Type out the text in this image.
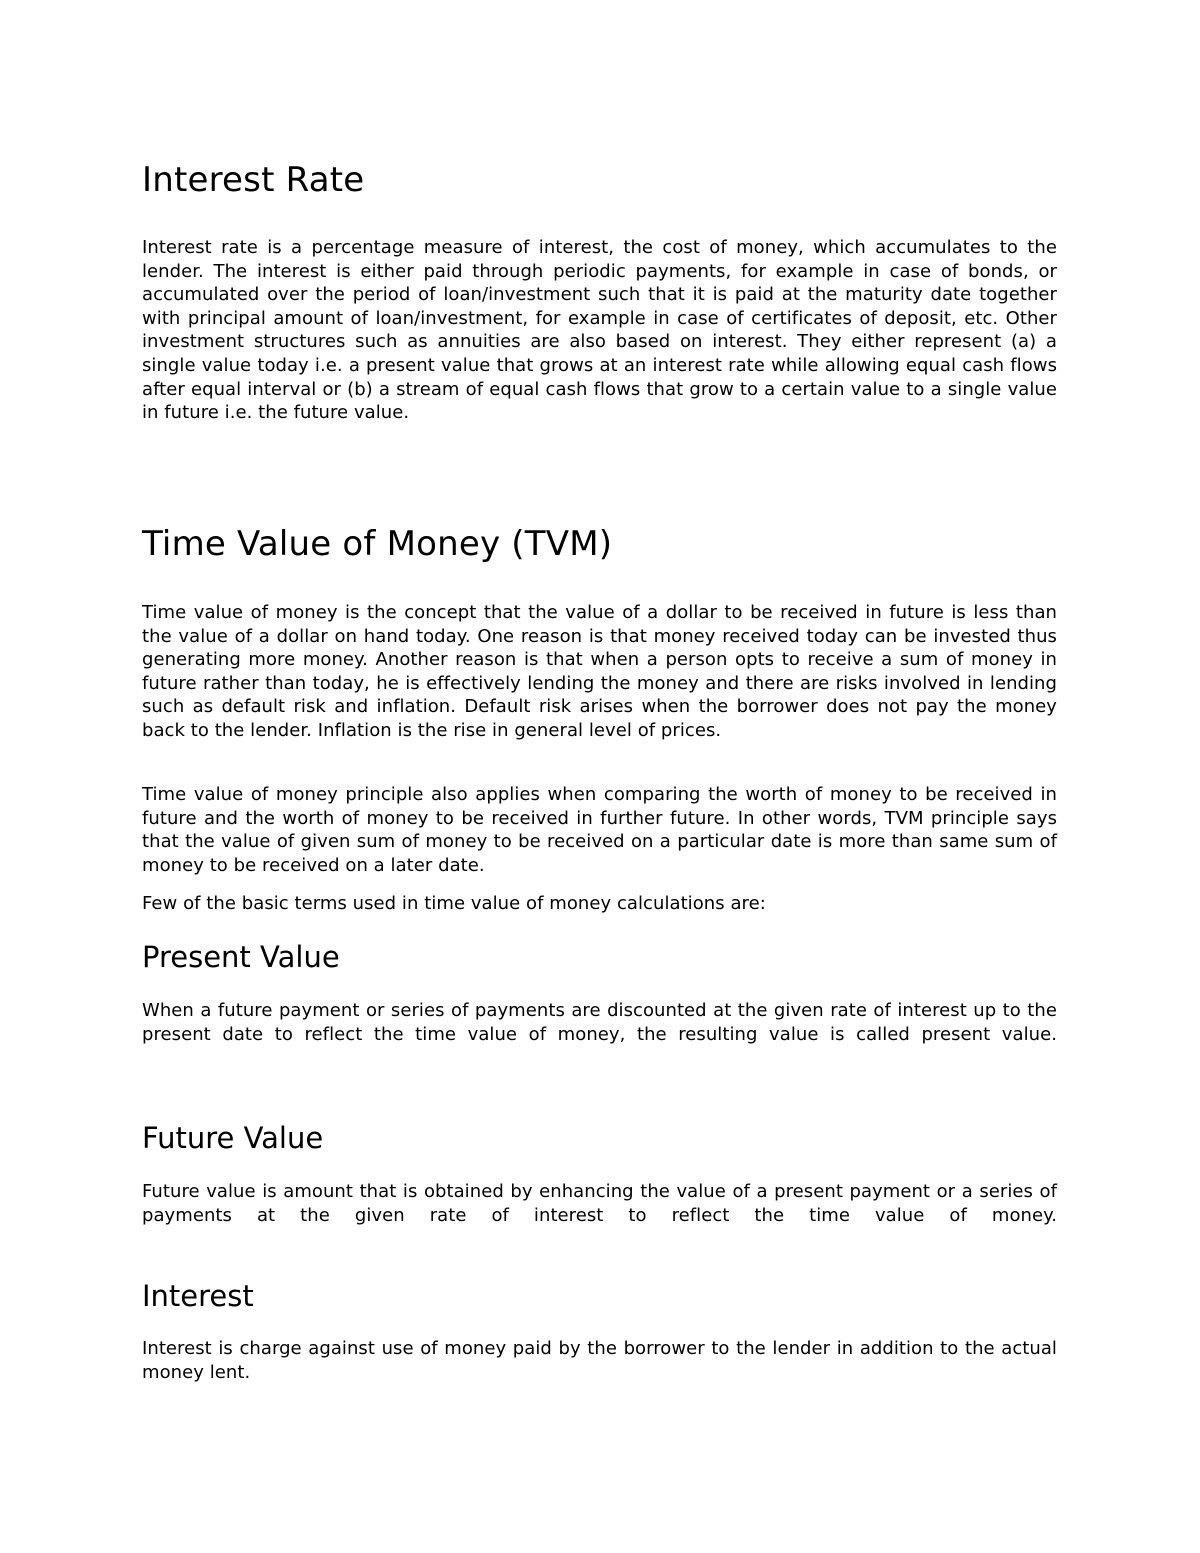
Interest Rate

Interest rate is a percentage measure of interest, the cost of money, which accumulates to the lender. The interest is either paid through periodic payments, for example in case of bonds, or accumulated over the period of loan/investment such that it is paid at the maturity date together with principal amount of loan/investment, for example in case of certificates of deposit, etc. Other investment structures such as annuities are also based on interest. They either represent (a) a single value today i.e. a present value that grows at an interest rate while allowing equal cash flows after equal interval or (b) a stream of equal cash flows that grow to a certain value to a single value in future i.e. the future value.

Time Value of Money (TVM)

Time value of money is the concept that the value of a dollar to be received in future is less than the value of a dollar on hand today. One reason is that money received today can be invested thus generating more money. Another reason is that when a person opts to receive a sum of money in future rather than today, he is effectively lending the money and there are risks involved in lending such as default risk and inflation. Default risk arises when the borrower does not pay the money back to the lender. Inflation is the rise in general level of prices.

Time value of money principle also applies when comparing the worth of money to be received in future and the worth of money to be received in further future. In other words, TVM principle says that the value of given sum of money to be received on a particular date is more than same sum of money to be received on a later date.

Few of the basic terms used in time value of money calculations are:

Present Value

When a future payment or series of payments are discounted at the given rate of interest up to the present date to reflect the time value of money, the resulting value is called present value.

Future Value

Future value is amount that is obtained by enhancing the value of a present payment or a series of payments at the given rate of interest to reflect the time value of money.

Interest

Interest is charge against use of money paid by the borrower to the lender in addition to the actual money lent.
